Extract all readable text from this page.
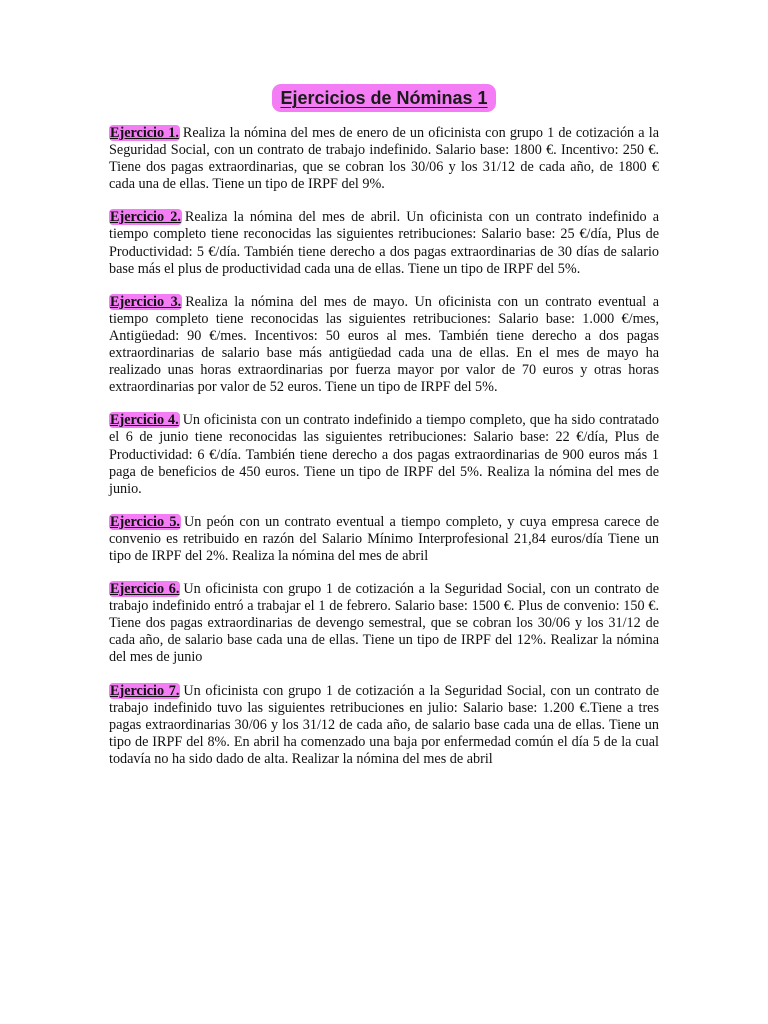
Ejercicios de Nóminas 1

Ejercicio 1. Realiza la nómina del mes de enero de un oficinista con grupo 1 de cotización a la Seguridad Social, con un contrato de trabajo indefinido. Salario base: 1800 €. Incentivo: 250 €. Tiene dos pagas extraordinarias, que se cobran los 30/06 y los 31/12 de cada año, de 1800 € cada una de ellas. Tiene un tipo de IRPF del 9%.

Ejercicio 2. Realiza la nómina del mes de abril. Un oficinista con un contrato indefinido a tiempo completo tiene reconocidas las siguientes retribuciones: Salario base: 25 €/día, Plus de Productividad: 5 €/día. También tiene derecho a dos pagas extraordinarias de 30 días de salario base más el plus de productividad cada una de ellas. Tiene un tipo de IRPF del 5%.

Ejercicio 3. Realiza la nómina del mes de mayo. Un oficinista con un contrato eventual a tiempo completo tiene reconocidas las siguientes retribuciones: Salario base: 1.000 €/mes, Antigüedad: 90 €/mes. Incentivos: 50 euros al mes. También tiene derecho a dos pagas extraordinarias de salario base más antigüedad cada una de ellas. En el mes de mayo ha realizado unas horas extraordinarias por fuerza mayor por valor de 70 euros y otras horas extraordinarias por valor de 52 euros. Tiene un tipo de IRPF del 5%.

Ejercicio 4. Un oficinista con un contrato indefinido a tiempo completo, que ha sido contratado el 6 de junio tiene reconocidas las siguientes retribuciones: Salario base: 22 €/día, Plus de Productividad: 6 €/día. También tiene derecho a dos pagas extraordinarias de 900 euros más 1 paga de beneficios de 450 euros. Tiene un tipo de IRPF del 5%. Realiza la nómina del mes de junio.

Ejercicio 5. Un peón con un contrato eventual a tiempo completo, y cuya empresa carece de convenio es retribuido en razón del Salario Mínimo Interprofesional 21,84 euros/día Tiene un tipo de IRPF del 2%. Realiza la nómina del mes de abril

Ejercicio 6. Un oficinista con grupo 1 de cotización a la Seguridad Social, con un contrato de trabajo indefinido entró a trabajar el 1 de febrero. Salario base: 1500 €. Plus de convenio: 150 €. Tiene dos pagas extraordinarias de devengo semestral, que se cobran los 30/06 y los 31/12 de cada año, de salario base cada una de ellas. Tiene un tipo de IRPF del 12%. Realizar la nómina del mes de junio

Ejercicio 7. Un oficinista con grupo 1 de cotización a la Seguridad Social, con un contrato de trabajo indefinido tuvo las siguientes retribuciones en julio: Salario base: 1.200 €.Tiene a tres pagas extraordinarias 30/06 y los 31/12 de cada año, de salario base cada una de ellas. Tiene un tipo de IRPF del 8%. En abril ha comenzado una baja por enfermedad común el día 5 de la cual todavía no ha sido dado de alta. Realizar la nómina del mes de abril
